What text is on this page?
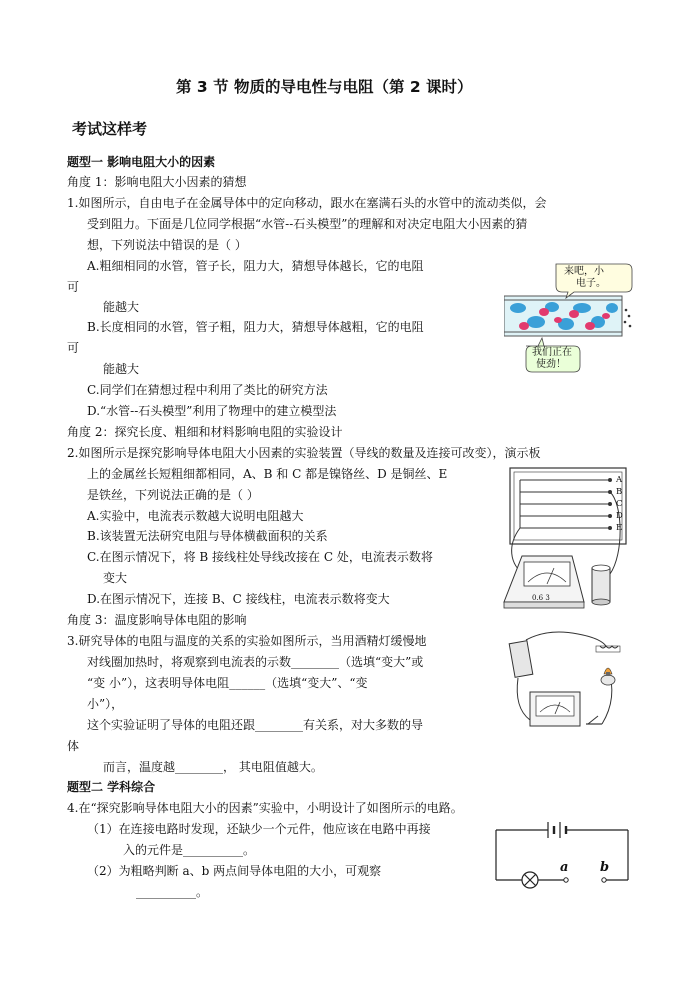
第 3 节 物质的导电性与电阻（第 2 课时）
考试这样考
题型一 影响电阻大小的因素
角度 1：影响电阻大小因素的猜想
1.如图所示，自由电子在金属导体中的定向移动，跟水在塞满石头的水管中的流动类似，会
受到阻力。下面是几位同学根据“水管--石头模型”的理解和对决定电阻大小因素的猜
想，下列说法中错误的是（ ）
A.粗细相同的水管，管子长，阻力大，猜想导体越长，它的电阻
可
能越大
B.长度相同的水管，管子粗，阻力大，猜想导体越粗，它的电阻
可
能越大
C.同学们在猜想过程中利用了类比的研究方法
D.“水管--石头模型”利用了物理中的建立模型法
来吧，小
电子。
我们正在
使劲！
角度 2：探究长度、粗细和材料影响电阻的实验设计
2.如图所示是探究影响导体电阻大小因素的实验装置（导线的数量及连接可改变），演示板
上的金属丝长短粗细都相同，A、B 和 C 都是镍铬丝、D 是铜丝、E
是铁丝，下列说法正确的是（ ）
A.实验中，电流表示数越大说明电阻越大
B.该装置无法研究电阻与导体横截面积的关系
C.在图示情况下，将 B 接线柱处导线改接在 C 处，电流表示数将
变大
D.在图示情况下，连接 B、C 接线柱，电流表示数将变大
A
B
C
D
E
0.6 3
角度 3：温度影响导体电阻的影响
3.研究导体的电阻与温度的关系的实验如图所示，当用酒精灯缓慢地
对线圈加热时，将观察到电流表的示数________（选填“变大”或
“变 小”），这表明导体电阻______（选填“变大”、“变
小”），
这个实验证明了导体的电阻还跟________有关系，对大多数的导
体
而言，温度越________， 其电阻值越大。
题型二 学科综合
4.在“探究影响导体电阻大小的因素”实验中，小明设计了如图所示的电路。
（1）在连接电路时发现，还缺少一个元件，他应该在电路中再接
入的元件是__________。
（2）为粗略判断 a、b 两点间导体电阻的大小，可观察
__________。
a b
